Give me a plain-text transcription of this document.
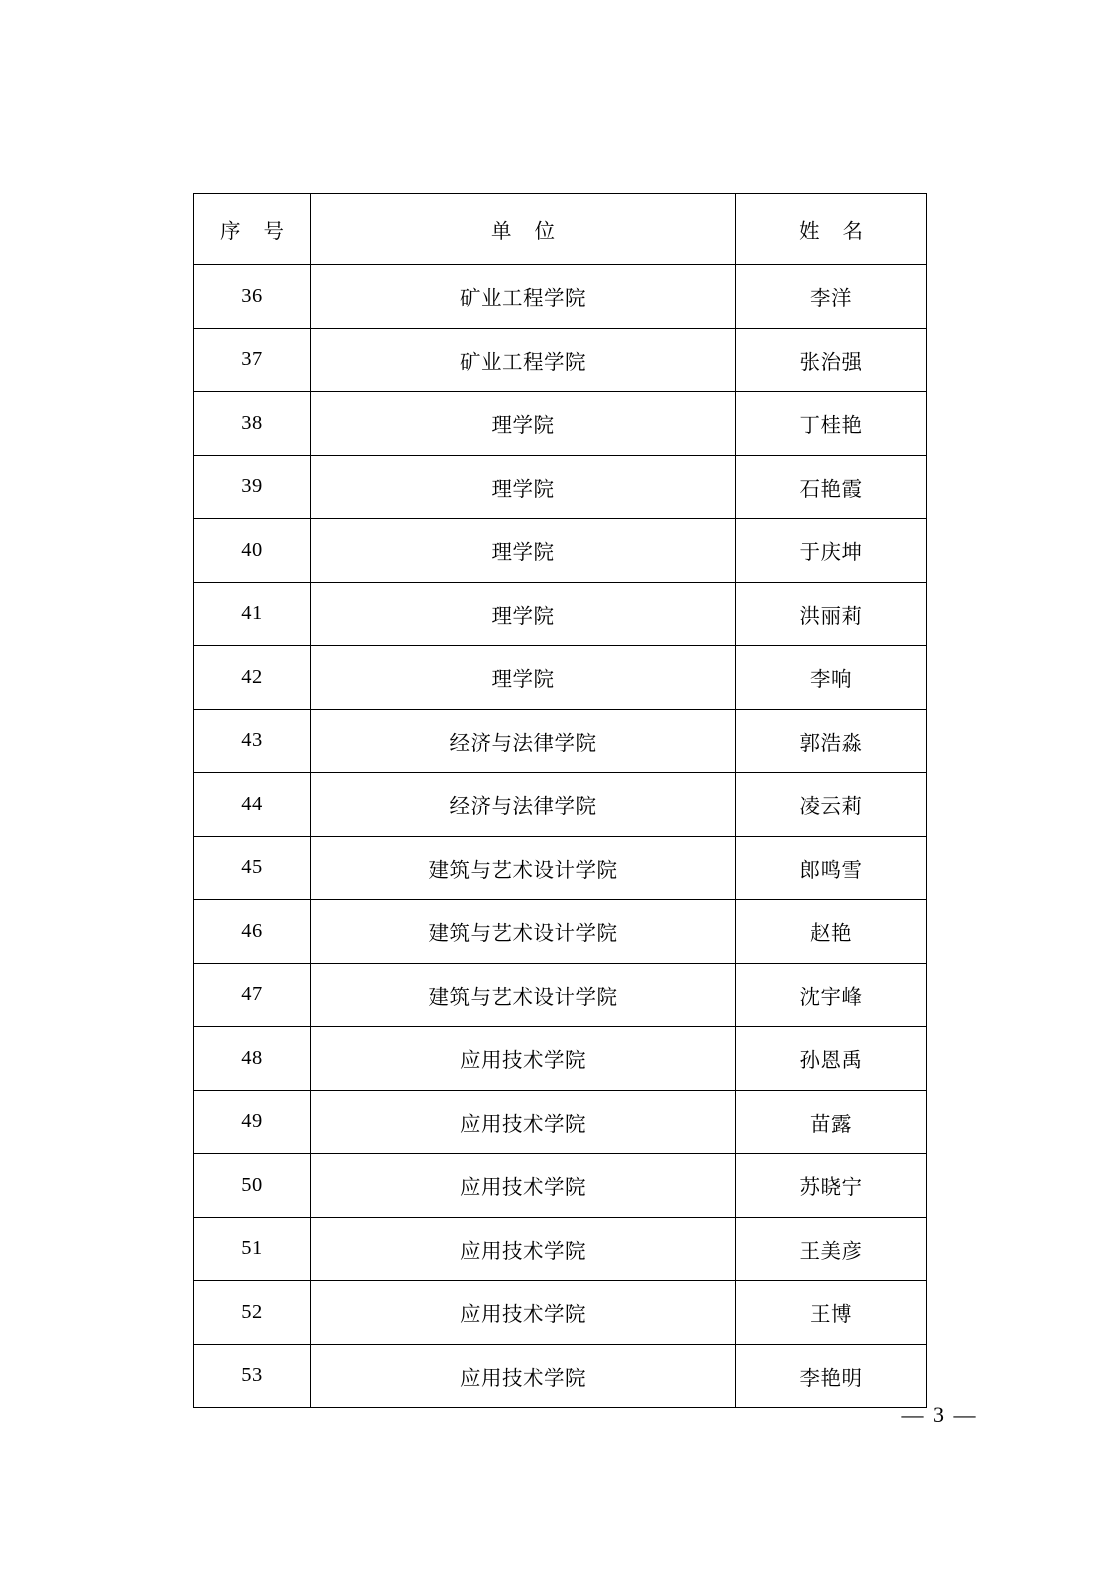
序 号	单 位	姓 名
36	矿业工程学院	李洋
37	矿业工程学院	张治强
38	理学院	丁桂艳
39	理学院	石艳霞
40	理学院	于庆坤
41	理学院	洪丽莉
42	理学院	李响
43	经济与法律学院	郭浩淼
44	经济与法律学院	凌云莉
45	建筑与艺术设计学院	郎鸣雪
46	建筑与艺术设计学院	赵艳
47	建筑与艺术设计学院	沈宇峰
48	应用技术学院	孙恩禹
49	应用技术学院	苗露
50	应用技术学院	苏晓宁
51	应用技术学院	王美彦
52	应用技术学院	王博
53	应用技术学院	李艳明
— 3 —
